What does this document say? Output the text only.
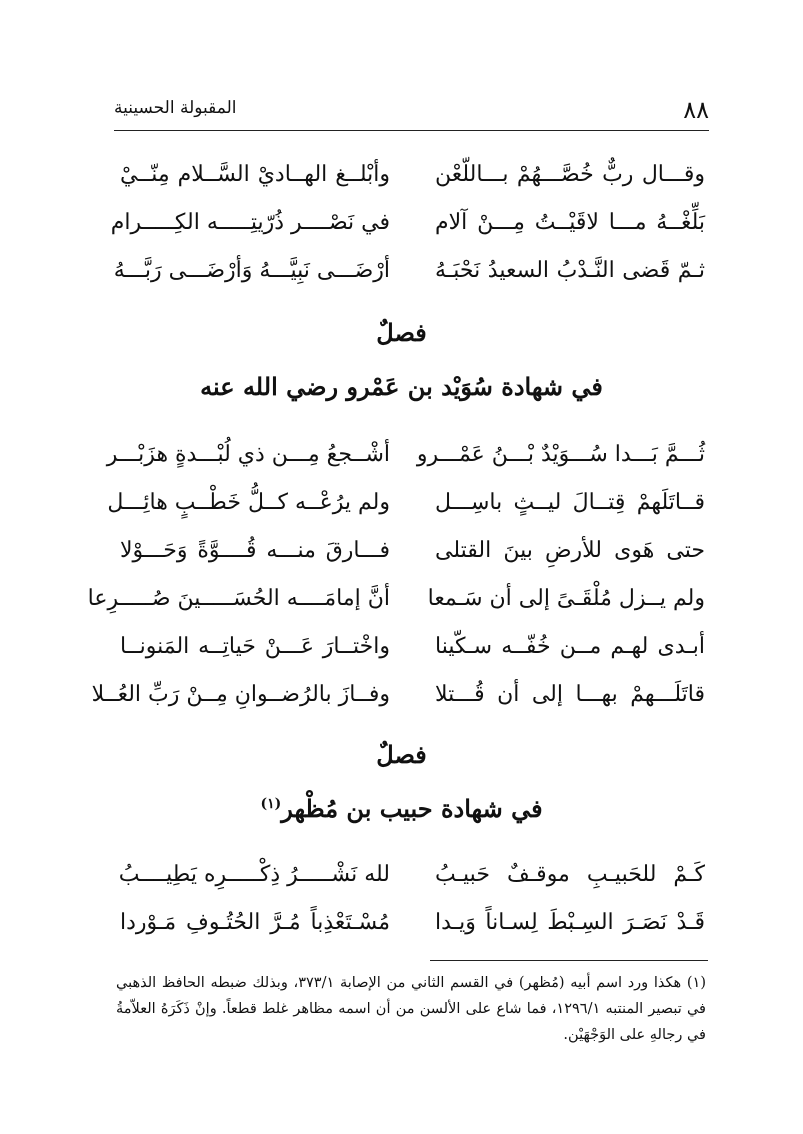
٨٨
المقبولة الحسينية
وقـــال ربٌّ خُصَّـــهُمْ بـــاللّعْن
وأبْلــغ الهــاديْ السَّــلام مِنّــيْ
بَلِّغْــهُ مـــا لاقَيْــتُ مِـــنْ آلام
في نَصْــــر ذُرّيتِـــــه الكِـــــرام
ثـمّ قَضى النَّـدْبُ السعيدُ نَحْبَـهُ
أرْضَـــى نَبِيَّـــهُ وَأرْضَـــى رَبَّـــهُ
فصلٌ
في شهادة سُوَيْد بن عَمْرو رضي الله عنه
ثُـــمَّ بَـــدا سُـــوَيْدٌ بْـــنُ عَمْـــرو
أشْــجعُ مِـــن ذي لُبْـــدةٍ هزَبْـــر
قــاتَلَهمْ قِتــالَ ليــثٍ باسِـــل
ولم يرُعْــه كــلُّ خَطْــبٍ هائِـــل
حتى هَوى للأرضِ بينَ القتلى
فـــارقَ منـــه قُــــوَّةً وَحَـــوْلا
ولم يــزل مُلْقَـىً إلى أن سَـمعا
أنَّ إمامَــــه الحُسَـــــينَ صُـــــرِعا
أبـدى لهـم مــن خُفّــه سـكّينا
واخْتــارَ عَـــنْ حَياتِــه المَنونــا
قاتَلَـــهمْ بهـــا إلى أن قُـــتلا
وفــازَ بالرُضــوانِ مِــنْ رَبِّ العُــلا
فصلٌ
في شهادة حبيب بن مُظْهر$^{(١)}$
كَـمْ للحَبيـبِ موقـفٌ حَبيـبُ
لله نَشْـــــرُ ذِكْـــــرِه يَطِيــــبُ
قَـدْ نَصَـرَ السِـبْطَ لِسـاناً وَيـدا
مُسْـتَعْذِباً مُـرَّ الحُتُـوفِ مَـوْردا
(١) هكذا ورد اسم أبيه (مُظهر) في القسم الثاني من الإصابة ٣٧٣/١، وبذلك ضبطه الحافظ الذهبي في تبصير المنتبه ١٢٩٦/١، فما شاع على الألسن من أن اسمه مظاهر غلط قطعاً. وإنْ ذَكَرَهُ العلاّمةُ في رجالهِ على الوَجْهَيْن.
